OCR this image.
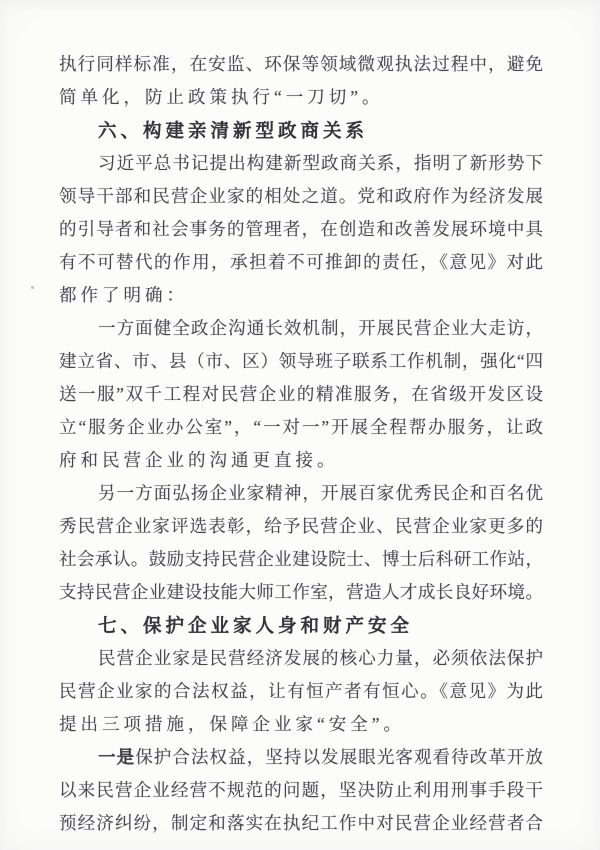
执行同样标准，在安监、环保等领域微观执法过程中，避免
简单化，防止政策执行“一刀切”。
六、构建亲清新型政商关系
习近平总书记提出构建新型政商关系，指明了新形势下
领导干部和民营企业家的相处之道。党和政府作为经济发展
的引导者和社会事务的管理者，在创造和改善发展环境中具
有不可替代的作用，承担着不可推卸的责任，《意见》对此
都作了明确：
一方面健全政企沟通长效机制，开展民营企业大走访，
建立省、市、县（市、区）领导班子联系工作机制，强化“四
送一服”双千工程对民营企业的精准服务，在省级开发区设
立“服务企业办公室”，“一对一”开展全程帮办服务，让政
府和民营企业的沟通更直接。
另一方面弘扬企业家精神，开展百家优秀民企和百名优
秀民营企业家评选表彰，给予民营企业、民营企业家更多的
社会承认。鼓励支持民营企业建设院士、博士后科研工作站，
支持民营企业建设技能大师工作室，营造人才成长良好环境。
七、保护企业家人身和财产安全
民营企业家是民营经济发展的核心力量，必须依法保护
民营企业家的合法权益，让有恒产者有恒心。《意见》为此
提出三项措施，保障企业家“安全”。
一是保护合法权益，坚持以发展眼光客观看待改革开放
以来民营企业经营不规范的问题，坚决防止利用刑事手段干
预经济纠纷，制定和落实在执纪工作中对民营企业经营者合
